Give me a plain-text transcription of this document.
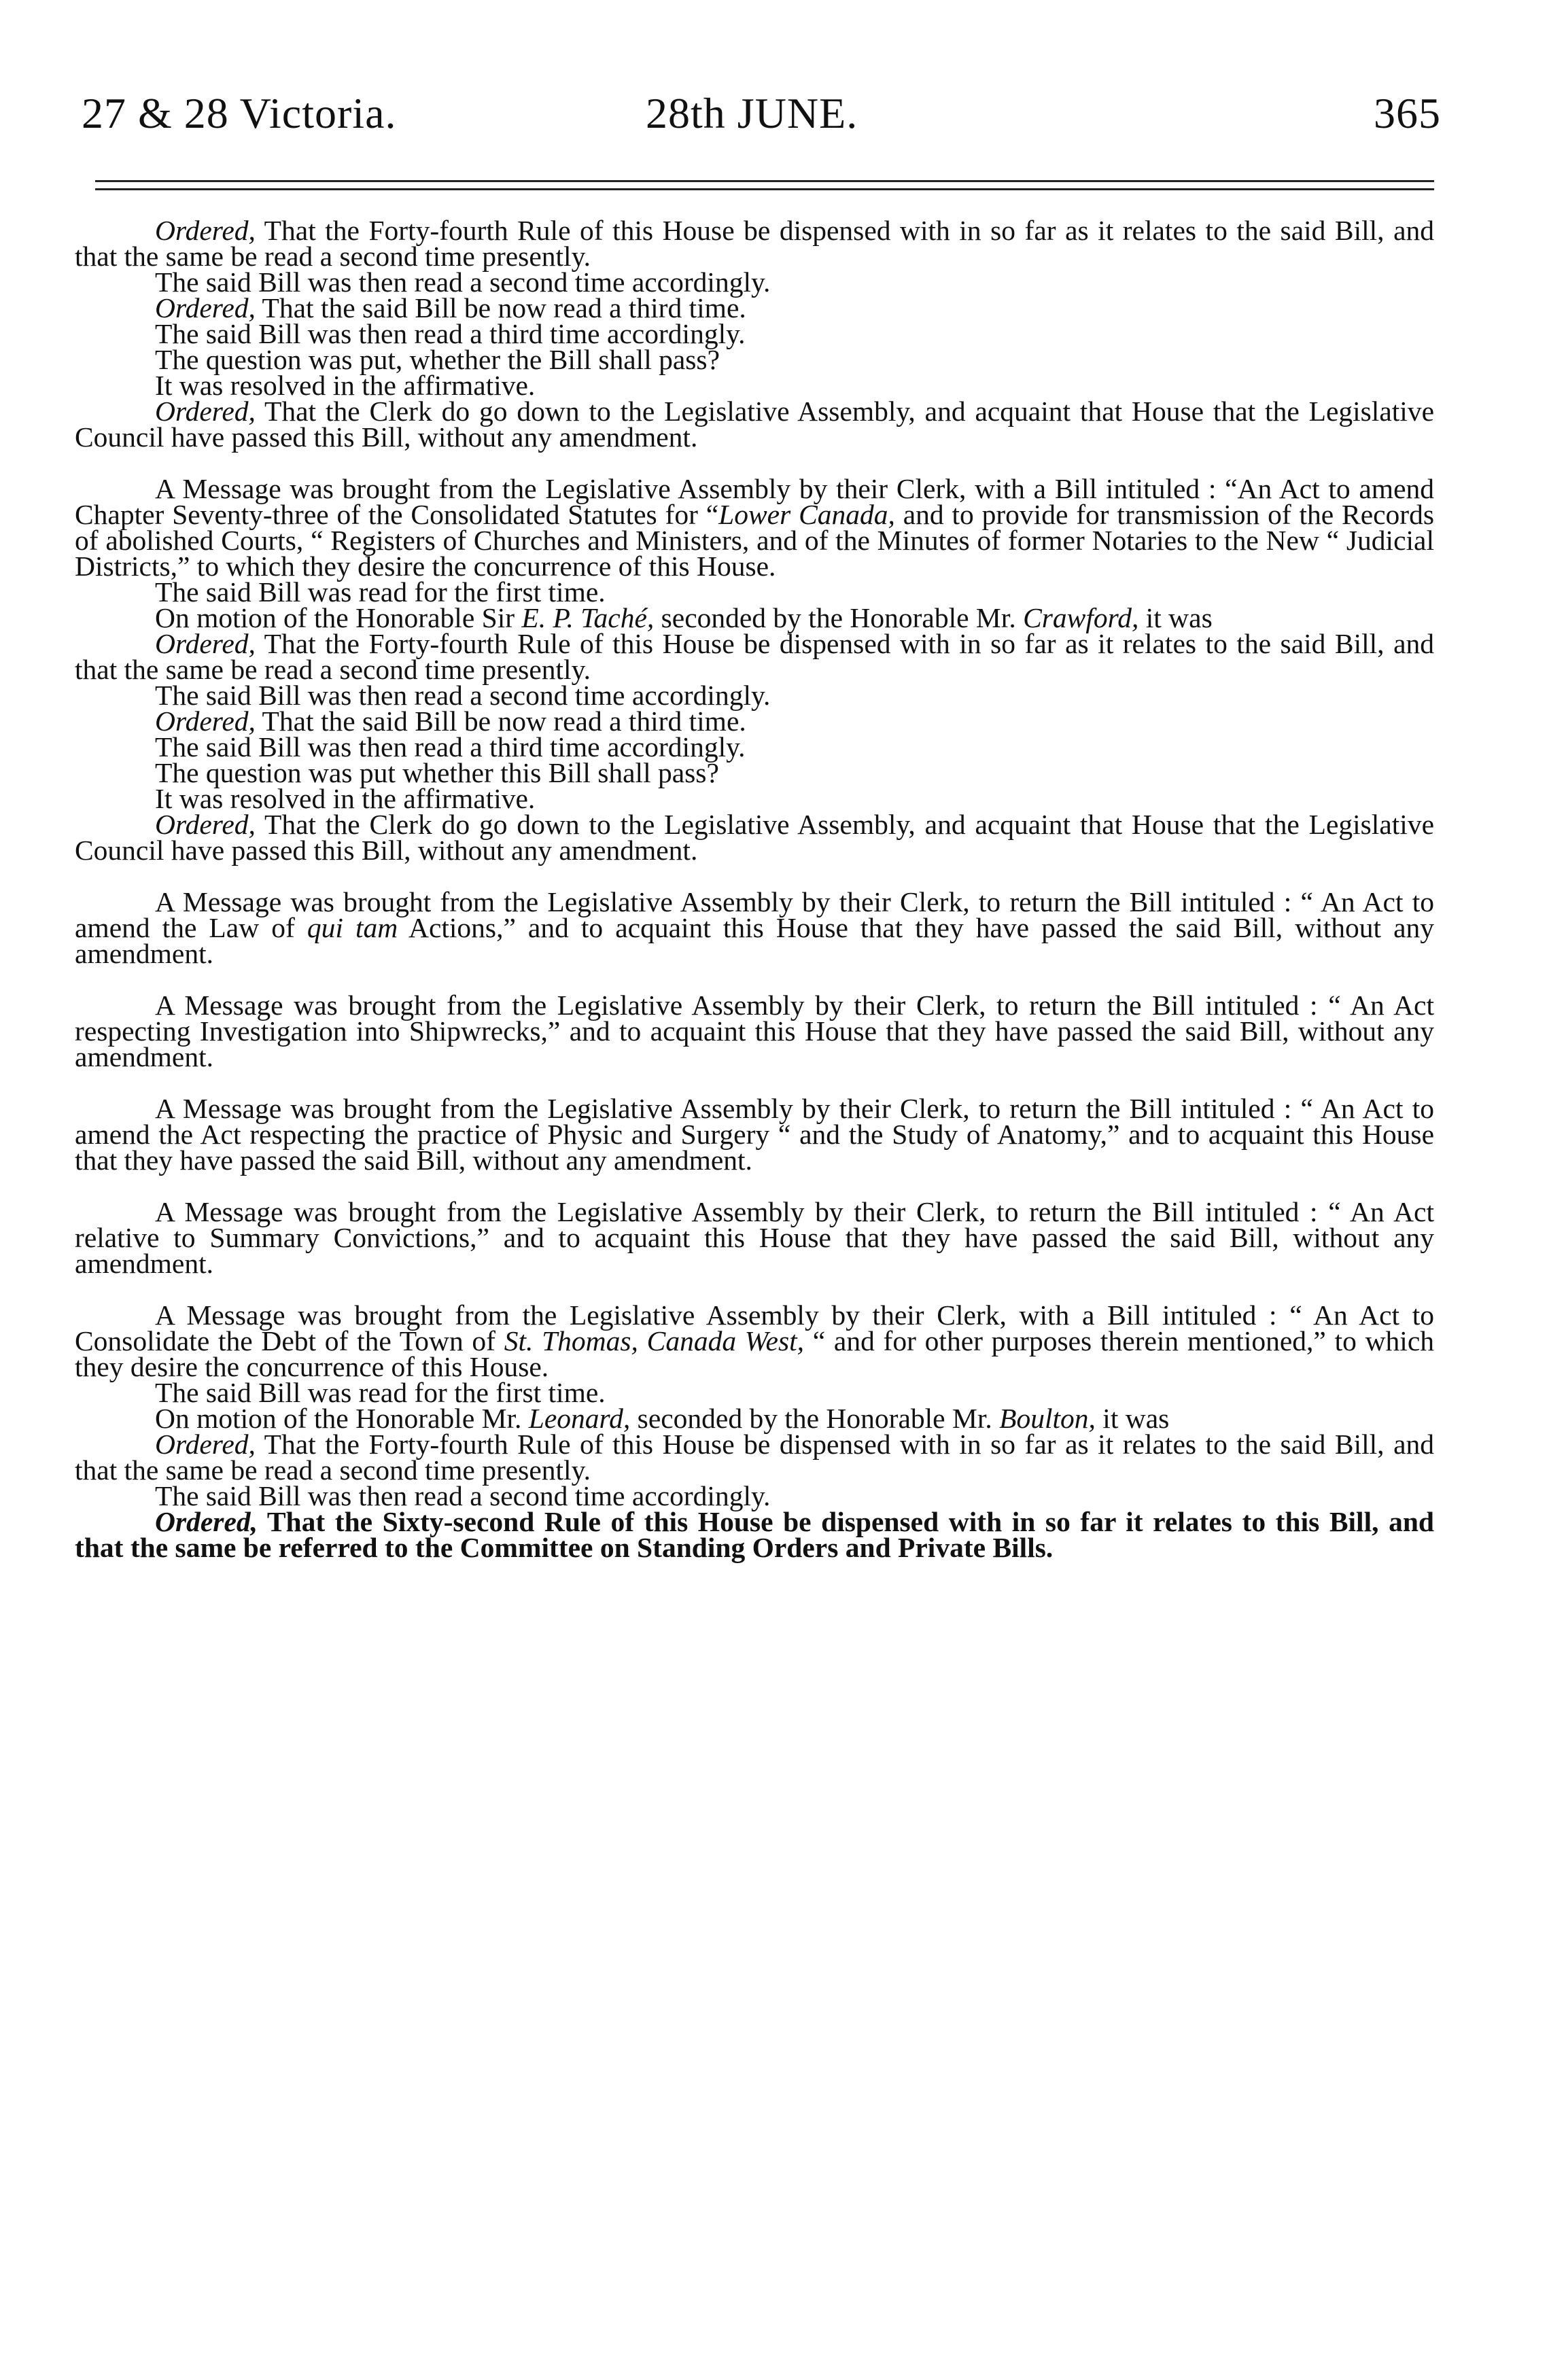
27 & 28 Victoria.	28th JUNE.	365

Ordered, That the Forty-fourth Rule of this House be dispensed with in so far as it relates to the said Bill, and that the same be read a second time presently.

The said Bill was then read a second time accordingly.

Ordered, That the said Bill be now read a third time.

The said Bill was then read a third time accordingly.

The question was put, whether the Bill shall pass?

It was resolved in the affirmative.

Ordered, That the Clerk do go down to the Legislative Assembly, and acquaint that House that the Legislative Council have passed this Bill, without any amendment.

A Message was brought from the Legislative Assembly by their Clerk, with a Bill intituled : “An Act to amend Chapter Seventy-three of the Consolidated Statutes for “Lower Canada, and to provide for transmission of the Records of abolished Courts, “ Registers of Churches and Ministers, and of the Minutes of former Notaries to the New “ Judicial Districts,” to which they desire the concurrence of this House.

The said Bill was read for the first time.

On motion of the Honorable Sir E. P. Taché, seconded by the Honorable Mr. Crawford, it was

Ordered, That the Forty-fourth Rule of this House be dispensed with in so far as it relates to the said Bill, and that the same be read a second time presently.

The said Bill was then read a second time accordingly.

Ordered, That the said Bill be now read a third time.

The said Bill was then read a third time accordingly.

The question was put whether this Bill shall pass?

It was resolved in the affirmative.

Ordered, That the Clerk do go down to the Legislative Assembly, and acquaint that House that the Legislative Council have passed this Bill, without any amendment.

A Message was brought from the Legislative Assembly by their Clerk, to return the Bill intituled : “ An Act to amend the Law of qui tam Actions,” and to acquaint this House that they have passed the said Bill, without any amendment.

A Message was brought from the Legislative Assembly by their Clerk, to return the Bill intituled : “ An Act respecting Investigation into Shipwrecks,” and to acquaint this House that they have passed the said Bill, without any amendment.

A Message was brought from the Legislative Assembly by their Clerk, to return the Bill intituled : “ An Act to amend the Act respecting the practice of Physic and Surgery “ and the Study of Anatomy,” and to acquaint this House that they have passed the said Bill, without any amendment.

A Message was brought from the Legislative Assembly by their Clerk, to return the Bill intituled : “ An Act relative to Summary Convictions,” and to acquaint this House that they have passed the said Bill, without any amendment.

A Message was brought from the Legislative Assembly by their Clerk, with a Bill intituled : “ An Act to Consolidate the Debt of the Town of St. Thomas, Canada West, “ and for other purposes therein mentioned,” to which they desire the concurrence of this House.

The said Bill was read for the first time.

On motion of the Honorable Mr. Leonard, seconded by the Honorable Mr. Boulton, it was

Ordered, That the Forty-fourth Rule of this House be dispensed with in so far as it relates to the said Bill, and that the same be read a second time presently.

The said Bill was then read a second time accordingly.

Ordered, That the Sixty-second Rule of this House be dispensed with in so far it relates to this Bill, and that the same be referred to the Committee on Standing Orders and Private Bills.
